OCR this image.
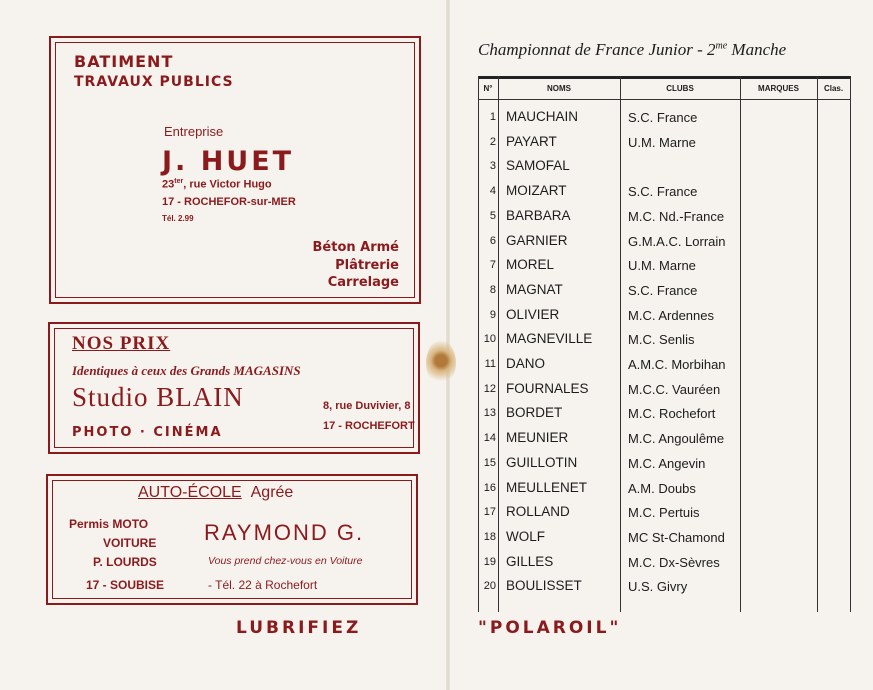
BATIMENT
TRAVAUX PUBLICS
Entreprise
J. HUET
$23^{ter}$, rue Victor Hugo
17 - ROCHEFOR-sur-MER
Tél. 2.99
Béton Armé
Plâtrerie
Carrelage
NOS PRIX
Identiques à ceux des Grands MAGASINS
Studio BLAIN	8, rue Duvivier, 8
17 - ROCHEFORT
PHOTO · CINÉMA
AUTO-ÉCOLE Agrée
Permis MOTO
VOITURE
P. LOURDS
RAYMOND G.
Vous prend chez-vous en Voiture
17 - SOUBISE	- Tél. 22 à Rochefort
LUBRIFIEZ	"POLAROIL"
Championnat de France Junior - $2^{me}$ Manche
N°	NOMS	CLUBS	MARQUES	Clas.
1 MAUCHAIN	S.C. France
2 PAYART	U.M. Marne
3 SAMOFAL
4 MOIZART	S.C. France
5 BARBARA	M.C. Nd.-France
6 GARNIER	G.M.A.C. Lorrain
7 MOREL	U.M. Marne
8 MAGNAT	S.C. France
9 OLIVIER	M.C. Ardennes
10 MAGNEVILLE	M.C. Senlis
11 DANO	A.M.C. Morbihan
12 FOURNALES	M.C.C. Vauréen
13 BORDET	M.C. Rochefort
14 MEUNIER	M.C. Angoulême
15 GUILLOTIN	M.C. Angevin
16 MEULLENET	A.M. Doubs
17 ROLLAND	M.C. Pertuis
18 WOLF	MC St-Chamond
19 GILLES	M.C. Dx-Sèvres
20 BOULISSET	U.S. Givry
